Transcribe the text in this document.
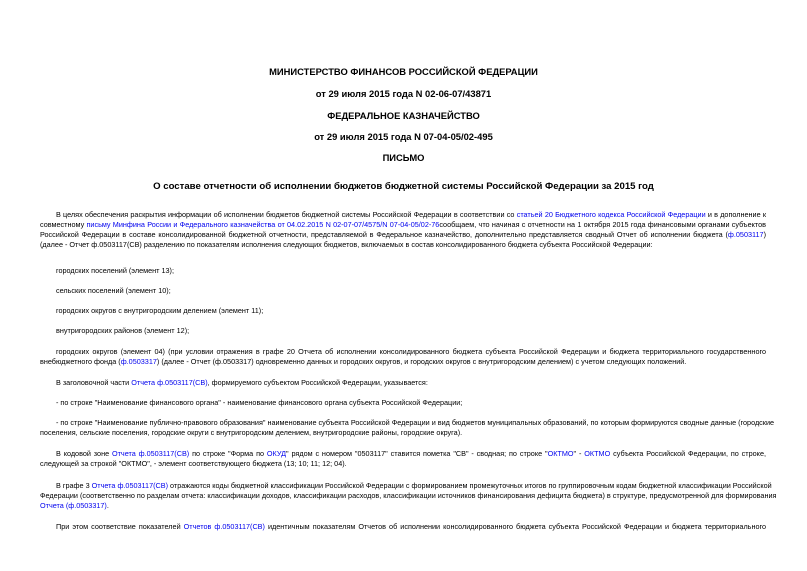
МИНИСТЕРСТВО ФИНАНСОВ РОССИЙСКОЙ ФЕДЕРАЦИИ
от 29 июля 2015 года N 02-06-07/43871
ФЕДЕРАЛЬНОЕ КАЗНАЧЕЙСТВО
от 29 июля 2015 года N 07-04-05/02-495
ПИСЬМО
О составе отчетности об исполнении бюджетов бюджетной системы Российской Федерации за 2015 год
В целях обеспечения раскрытия информации об исполнении бюджетов бюджетной системы Российской Федерации в соответствии со статьей 20 Бюджетного кодекса Российской Федерации и в дополнение к
совместному письму Минфина России и Федерального казначейства от 04.02.2015 N 02-07-07/4575/N 07-04-05/02-76сообщаем, что начиная с отчетности на 1 октября 2015 года финансовыми органами субъектов
Российской Федерации в составе консолидированной бюджетной отчетности, представляемой в Федеральное казначейство, дополнительно представляется сводный Отчет об исполнении бюджета (ф.0503117)
(далее - Отчет ф.0503117(СВ) разделению по показателям исполнения следующих бюджетов, включаемых в состав консолидированного бюджета субъекта Российской Федерации:
городских поселений (элемент 13);
сельских поселений (элемент 10);
городских округов с внутригородским делением (элемент 11);
внутригородских районов (элемент 12);
городских округов (элемент 04) (при условии отражения в графе 20 Отчета об исполнении консолидированного бюджета субъекта Российской Федерации и бюджета территориального государственного
внебюджетного фонда (ф.0503317) (далее - Отчет (ф.0503317) одновременно данных и городских округов, и городских округов с внутригородским делением) с учетом следующих положений.
В заголовочной части Отчета ф.0503117(СВ), формируемого субъектом Российской Федерации, указывается:
- по строке "Наименование финансового органа" - наименование финансового органа субъекта Российской Федерации;
- по строке "Наименование публично-правового образования" наименование субъекта Российской Федерации и вид бюджетов муниципальных образований, по которым формируются сводные данные (городские
поселения, сельские поселения, городские округи с внутригородским делением, внутригородские районы, городские округа).
В кодовой зоне Отчета ф.0503117(СВ) по строке "Форма по ОКУД" рядом с номером "0503117" ставится пометка "СВ" - сводная; по строке "ОКТМО" - ОКТМО субъекта Российской Федерации, по строке,
следующей за строкой "ОКТМО", - элемент соответствующего бюджета (13; 10; 11; 12; 04).
В графе 3 Отчета ф.0503117(СВ) отражаются коды бюджетной классификации Российской Федерации с формированием промежуточных итогов по группировочным кодам бюджетной классификации Российской
Федерации (соответственно по разделам отчета: классификации доходов, классификации расходов, классификации источников финансирования дефицита бюджета) в структуре, предусмотренной для формирования
Отчета (ф.0503317).
При этом соответствие показателей Отчетов ф.0503117(СВ) идентичным показателям Отчетов об исполнении консолидированного бюджета субъекта Российской Федерации и бюджета территориального
